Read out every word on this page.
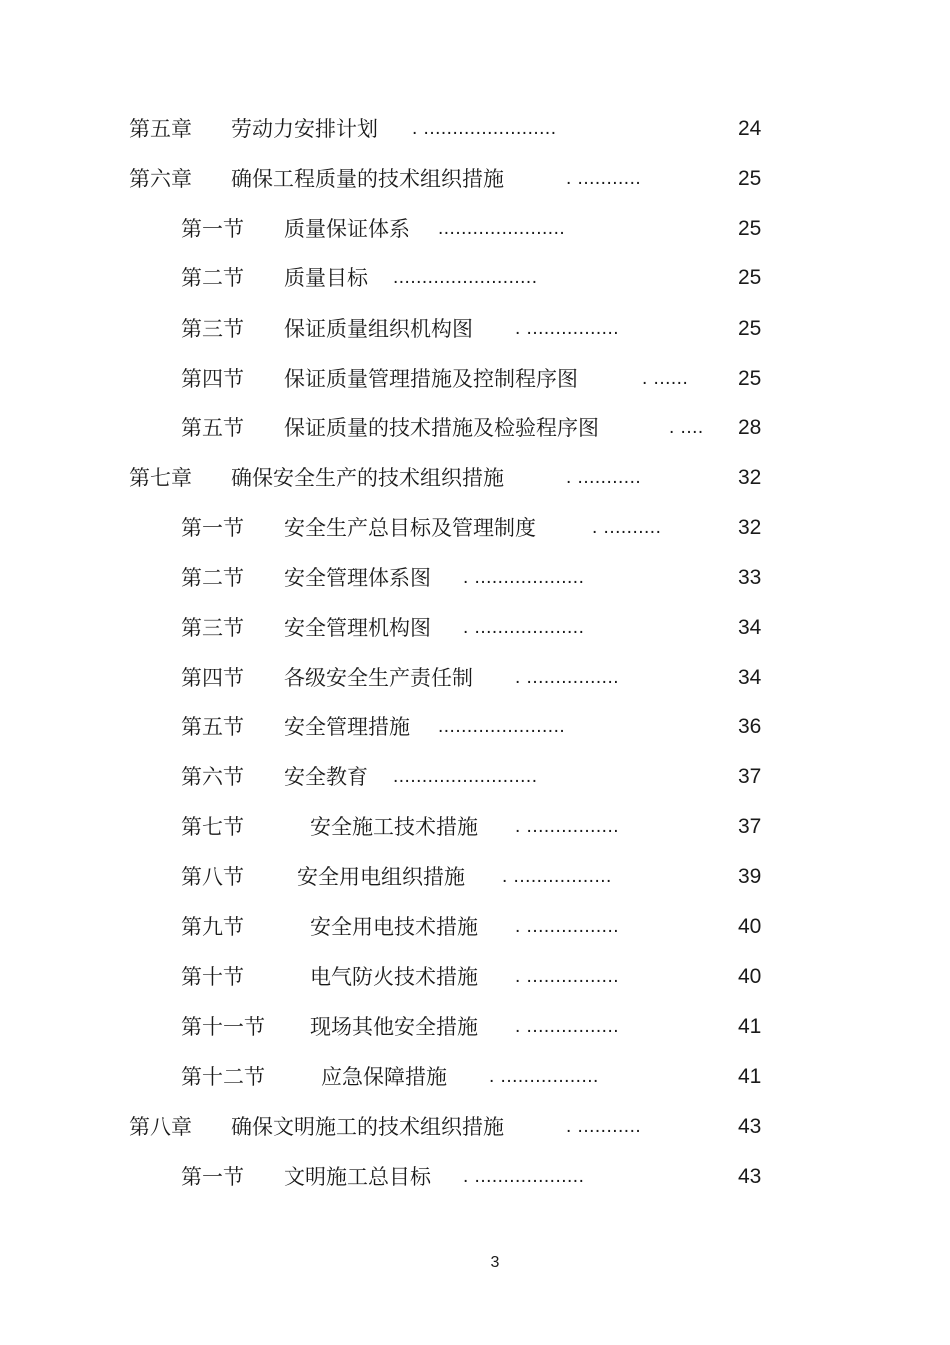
第五章 劳动力安排计划 . .......................	24
第六章 确保工程质量的技术组织措施	. ...........	25
第一节 质量保证体系 ......................	25
第二节 质量目标 .........................	25
第三节 保证质量组织机构图 . ................	25
第四节 保证质量管理措施及控制程序图	. ...... 25
第五节 保证质量的技术措施及检验程序图	. .... 28
第七章 确保安全生产的技术组织措施	. ...........	32
第一节 安全生产总目标及管理制度	. ..........	32
第二节 安全管理体系图 . ...................	33
第三节 安全管理机构图 . ...................	34
第四节 各级安全生产责任制 . ................	34
第五节 安全管理措施 ......................	36
第六节 安全教育 .........................	37
第七节	安全施工技术措施 . ................	37
第八节	安全用电组织措施 . .................	39
第九节	安全用电技术措施 . ................	40
第十节	电气防火技术措施 . ................	40
第十一节 现场其他安全措施 . ................	41
第十二节	应急保障措施 . .................	41
第八章 确保文明施工的技术组织措施	. ...........	43
第一节 文明施工总目标 . ...................	43
3
